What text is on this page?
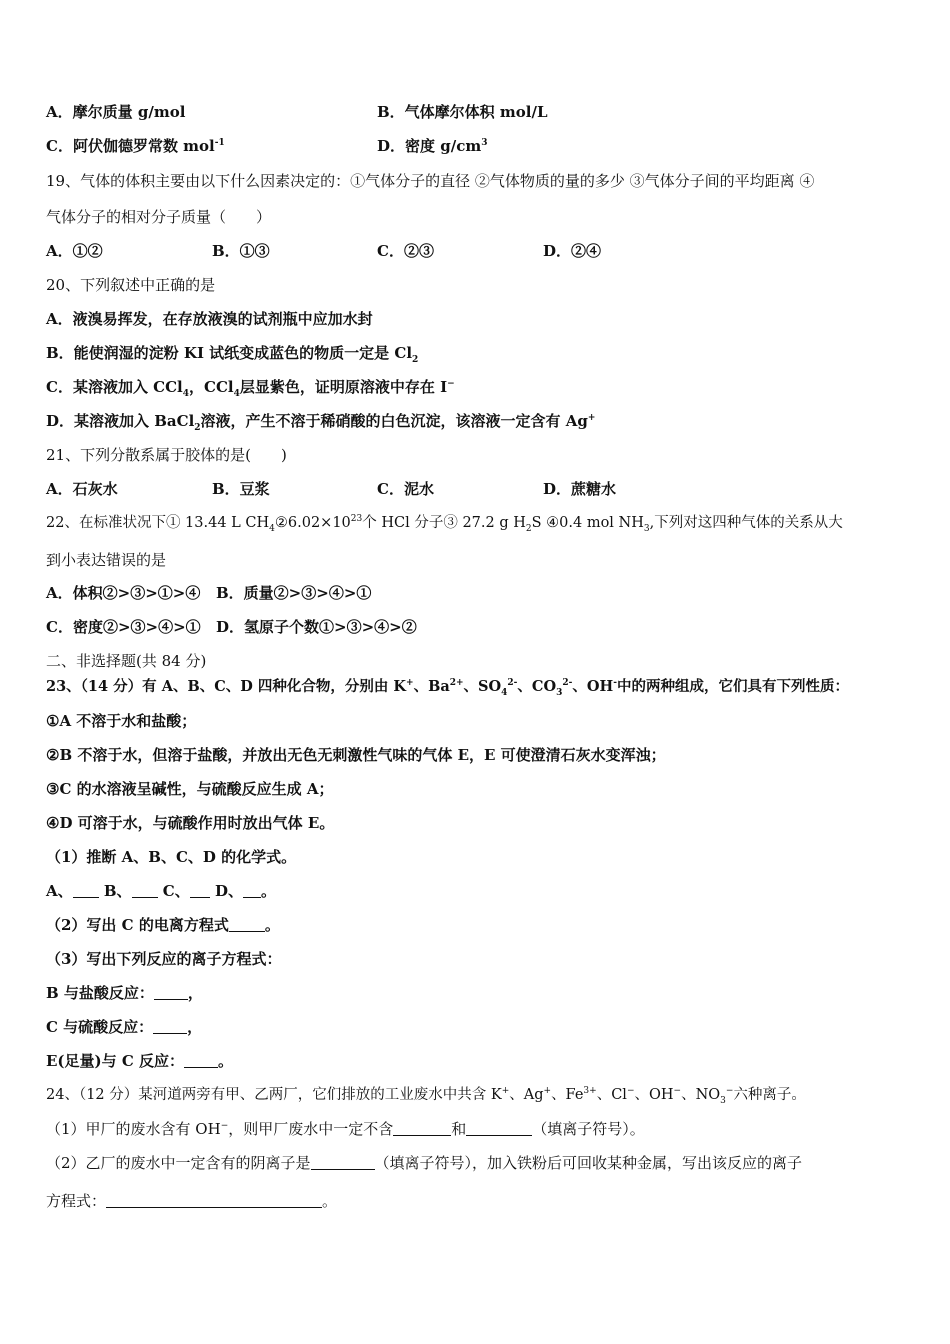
A．摩尔质量 g/mol	B．气体摩尔体积 mol/L
C．阿伏伽德罗常数 mol$^{-1}$	D．密度 $g/cm^3$
19、气体的体积主要由以下什么因素决定的：①气体分子的直径 ②气体物质的量的多少 ③气体分子间的平均距离 ④
气体分子的相对分子质量（　　）
A．①②	B．①③	C．②③	D．②④
20、下列叙述中正确的是
A．液溴易挥发，在存放液溴的试剂瓶中应加水封
B．能使润湿的淀粉 KI 试纸变成蓝色的物质一定是 $Cl_2$
C．某溶液加入 CCl$_4$，CCl$_4$层显紫色，证明原溶液中存在 I−
D．某溶液加入 BaCl$_2$溶液，产生不溶于稀硝酸的白色沉淀，该溶液一定含有 Ag+
21、下列分散系属于胶体的是(　　)
A．石灰水	B．豆浆	C．泥水	D．蔗糖水
22、在标准状况下① 13.44 L $CH_4②6.02\times 10^{23}$个 HCl 分子③ 27.2 g $H_2S$ ④0.4 mol $NH_3$,下列对这四种气体的关系从大
到小表达错误的是
A．体积②>③>①>④ B．质量②>③>④>①
C．密度②>③>④>① D．氢原子个数①>③>④>②
二、非选择题(共 84 分)
23、（14 分）有 A、B、C、D 四种化合物，分别由 K+、$Ba^{2+}$、$SO_4^{2-}$、$CO_3^{2-}$、OH-中的两种组成，它们具有下列性质：
①A 不溶于水和盐酸；
②B 不溶于水，但溶于盐酸，并放出无色无刺激性气味的气体 E，E 可使澄清石灰水变浑浊；
③C 的水溶液呈碱性，与硫酸反应生成 A；
④D 可溶于水，与硫酸作用时放出气体 E。
（1）推断 A、B、C、D 的化学式。
A、 B、 C、 D、 。
（2）写出 C 的电离方程式 。
（3）写出下列反应的离子方程式：
B 与盐酸反应： ，
C 与硫酸反应： ，
E(足量)与 C 反应： 。
24、（12 分）某河道两旁有甲、乙两厂，它们排放的工业废水中共含 K+、Ag+、$Fe^{3+}$、Cl−、OH−、$NO_3^-$六种离子。
（1）甲厂的废水含有 OH−，则甲厂废水中一定不含	和	（填离子符号）。
（2）乙厂的废水中一定含有的阴离子是	（填离子符号），加入铁粉后可回收某种金属，写出该反应的离子
方程式：	。
